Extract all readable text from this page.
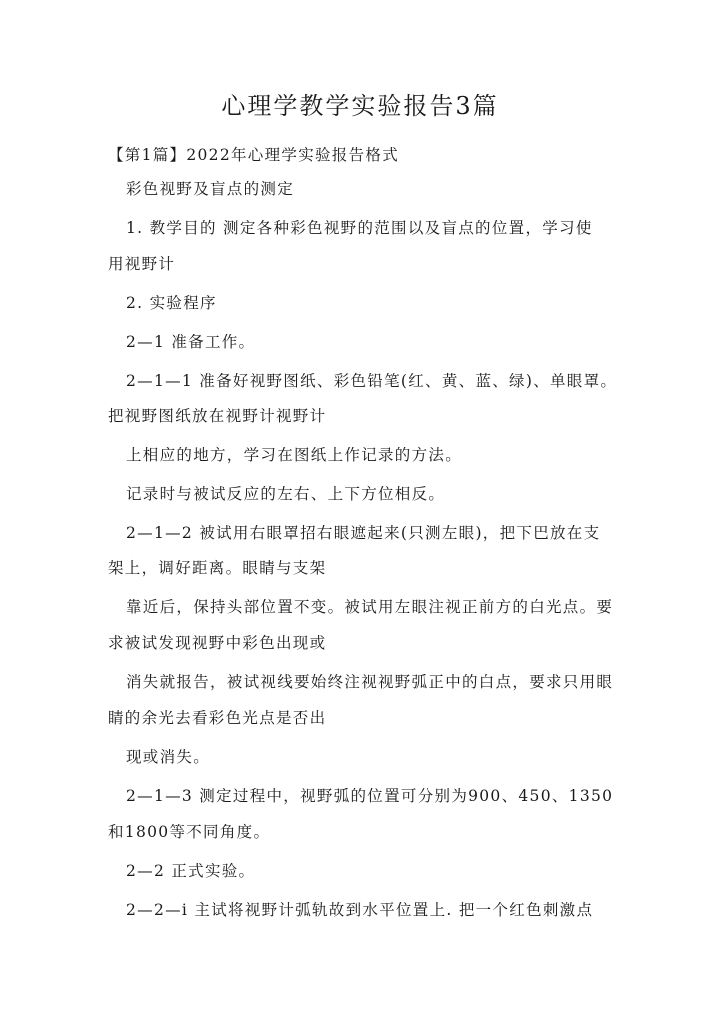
心理学教学实验报告3篇
【第1篇】2022年心理学实验报告格式
彩色视野及盲点的测定
1. 教学目的 测定各种彩色视野的范围以及盲点的位置，学习使
用视野计
2. 实验程序
2—1 准备工作。
2—1—1 准备好视野图纸、彩色铅笔(红、黄、蓝、绿)、单眼罩。
把视野图纸放在视野计视野计
上相应的地方，学习在图纸上作记录的方法。
记录时与被试反应的左右、上下方位相反。
2—1—2 被试用右眼罩招右眼遮起来(只测左眼)，把下巴放在支
架上，调好距离。眼睛与支架
靠近后，保持头部位置不变。被试用左眼注视正前方的白光点。要
求被试发现视野中彩色出现或
消失就报告，被试视线要始终注视视野弧正中的白点，要求只用眼
睛的余光去看彩色光点是否出
现或消失。
2—1—3 测定过程中，视野弧的位置可分别为900、450、1350
和1800等不同角度。
2—2 正式实验。
2—2—i 主试将视野计弧轨故到水平位置上. 把一个红色刺激点
